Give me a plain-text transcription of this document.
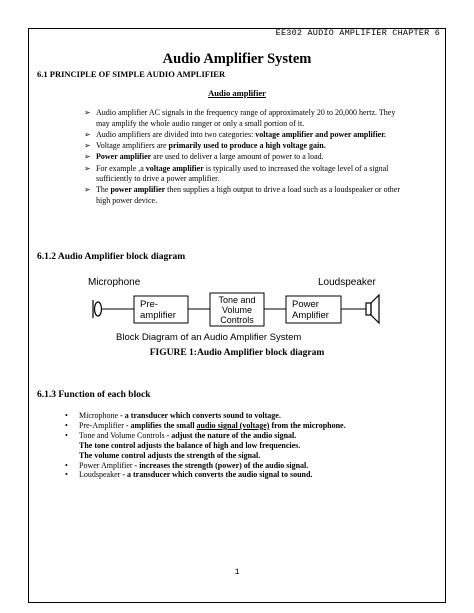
EE302 AUDIO AMPLIFIER CHAPTER 6
Audio Amplifier System
6.1 PRINCIPLE OF SIMPLE AUDIO AMPLIFIER
Audio amplifier
➢ Audio amplifier AC signals in the frequency range of approximately 20 to 20,000 hertz. They may amplify the whole audio ranger or only a small portion of it.
➢ Audio amplifiers are divided into two categories: voltage amplifier and power amplifier.
➢ Voltage amplifiers are primarily used to produce a high voltage gain.
➢ Power amplifier are used to deliver a large amount of power to a load.
➢ For example ,a voltage amplifier is typically used to increased the voltage level of a signal sufficiently to drive a power amplifier.
➢ The power amplifier then supplies a high output to drive a load such as a loudspeaker or other high power device.
6.1.2 Audio Amplifier block diagram
Microphone	Loudspeaker
Pre-
amplifier
Tone and
Volume
Controls
Power
Amplifier
Block Diagram of an Audio Amplifier System
FIGURE 1:Audio Amplifier block diagram
6.1.3 Function of each block
• Microphone - a transducer which converts sound to voltage.
• Pre-Amplifier - amplifies the small audio signal (voltage) from the microphone.
• Tone and Volume Controls - adjust the nature of the audio signal.
The tone control adjusts the balance of high and low frequencies.
The volume control adjusts the strength of the signal.
• Power Amplifier - increases the strength (power) of the audio signal.
• Loudspeaker - a transducer which converts the audio signal to sound.
1
